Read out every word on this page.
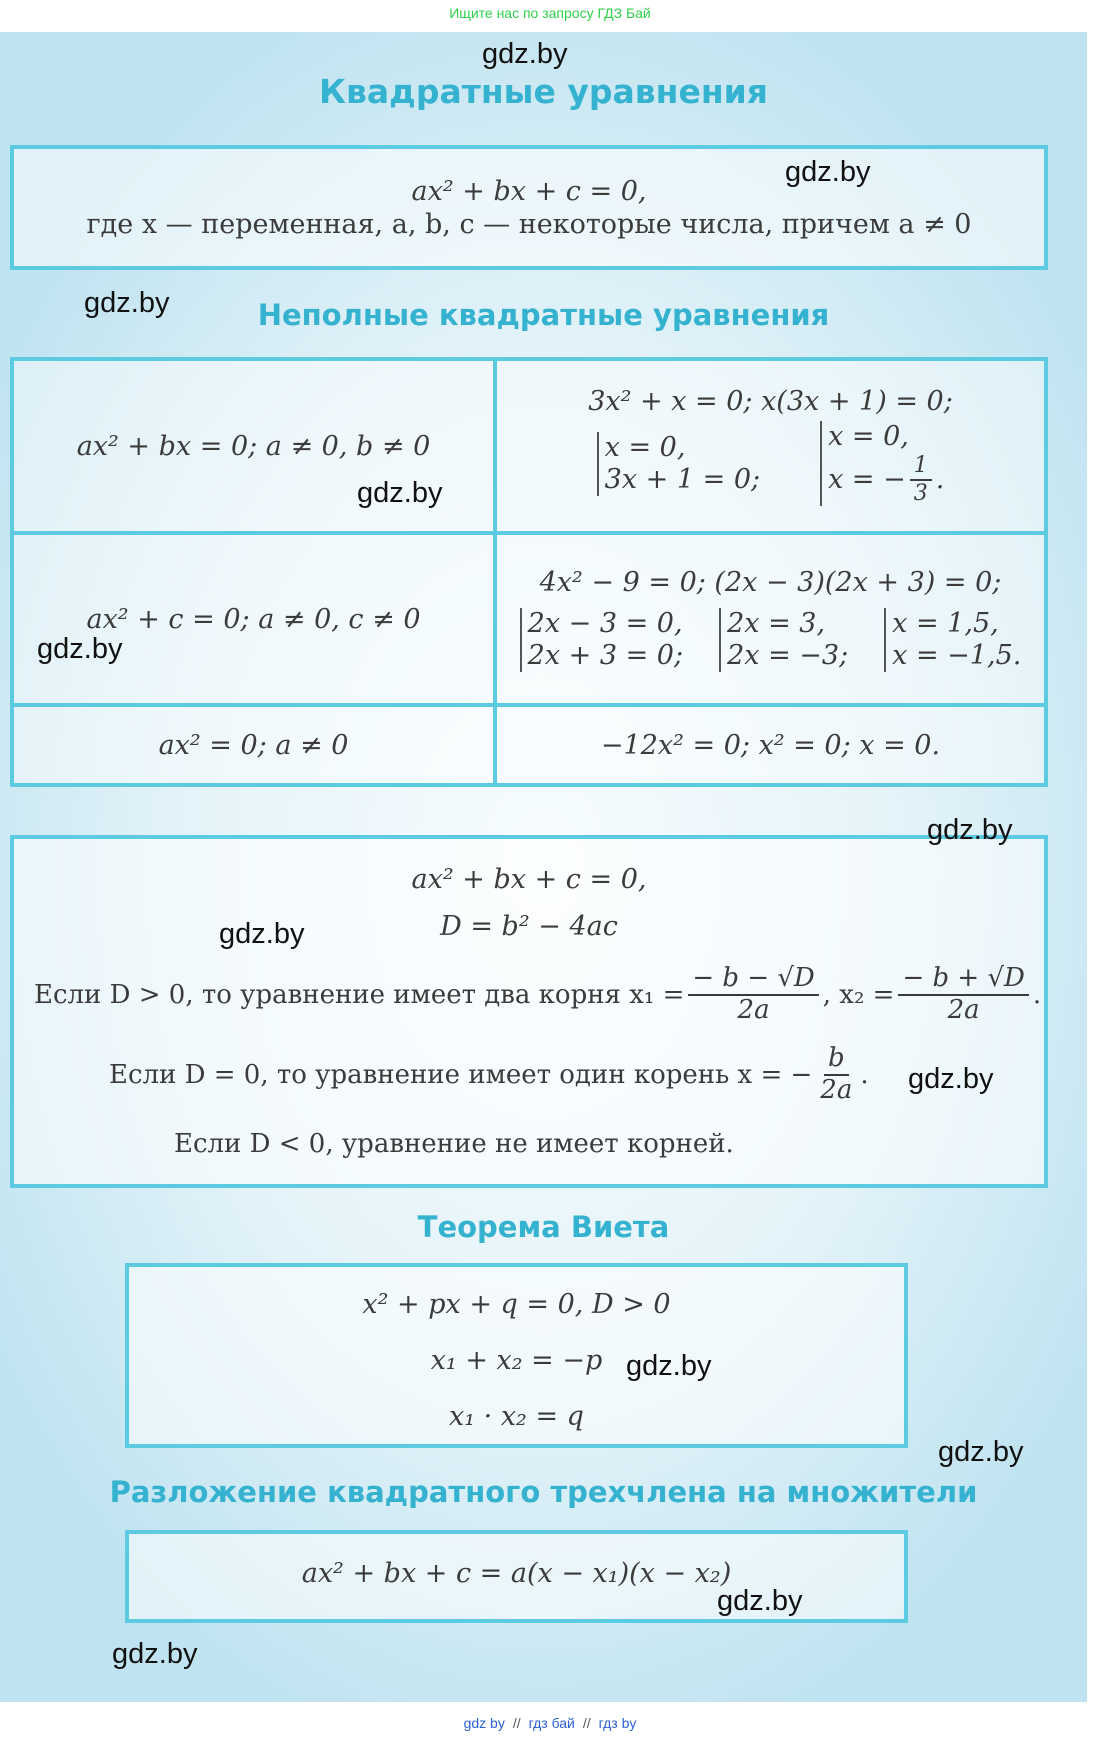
Ищите нас по запросу ГДЗ Бай
Квадратные уравнения
ax² + bx + c = 0,
где x — переменная, a, b, c — некоторые числа, причем a ≠ 0
Неполные квадратные уравнения
ax² + bx = 0; a ≠ 0, b ≠ 0
3x² + x = 0; x(3x + 1) = 0;
x = 0,
3x + 1 = 0;
x = 0,
x = − $\frac{1}{3}$ .
ax² + c = 0; a ≠ 0, c ≠ 0
4x² − 9 = 0; (2x − 3)(2x + 3) = 0;
2x − 3 = 0,
2x + 3 = 0;
2x = 3,
2x = −3;
x = 1,5,
x = −1,5.
ax² = 0; a ≠ 0	−12x² = 0; x² = 0; x = 0.
ax² + bx + c = 0,
D = b² − 4ac
Если D > 0, то уравнение имеет два корня $x_1 = \frac{- b - √D}{2a}$ , $x_2 = \frac{- b + √D}{2a}$ .
Если D = 0, то уравнение имеет один корень x = − $\frac{b}{2a}$ .
Если D < 0, уравнение не имеет корней.
Теорема Виета
x² + px + q = 0, D > 0
x₁ + x₂ = −p
x₁ · x₂ = q
Разложение квадратного трехчлена на множители
ax² + bx + c = a(x − x₁)(x − x₂)
gdz.by
gdz.by
gdz.by
gdz.by
gdz.by
gdz.by
gdz.by
gdz.by
gdz.by
gdz.by
gdz.by
gdz.by
gdz by // гдз бай // гдз by
